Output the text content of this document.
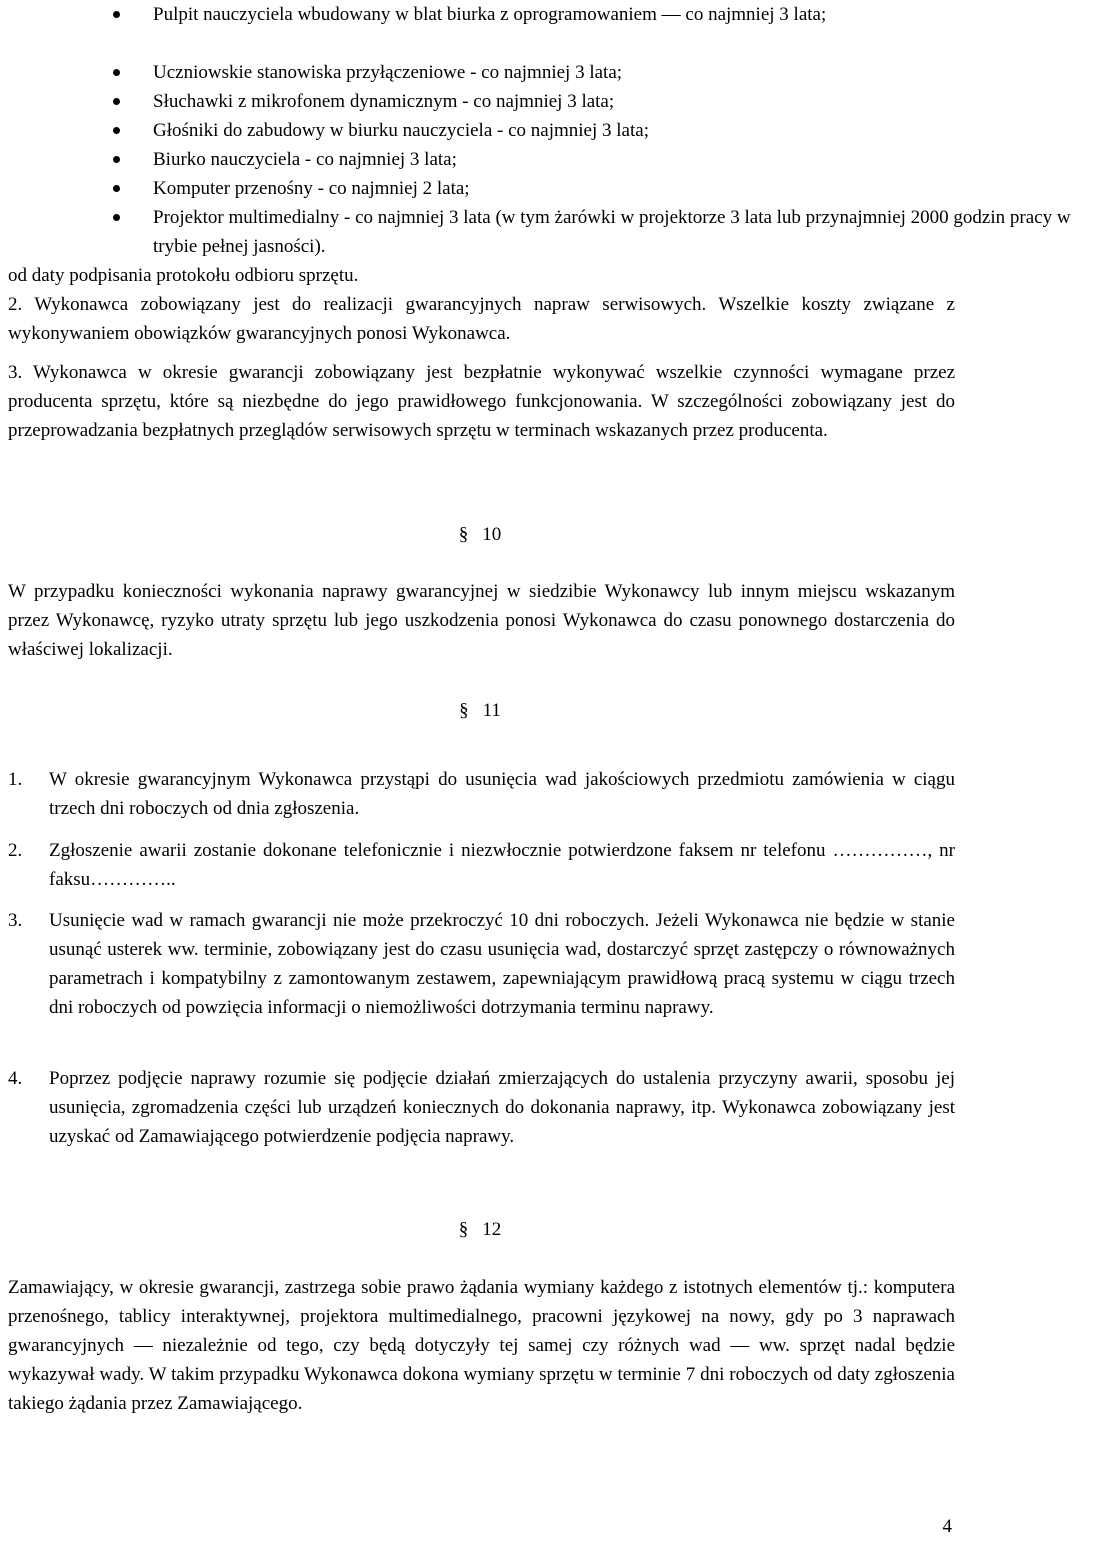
Pulpit nauczyciela wbudowany w blat biurka z oprogramowaniem — co najmniej 3 lata;
Uczniowskie stanowiska przyłączeniowe - co najmniej 3 lata;
Słuchawki z mikrofonem dynamicznym - co najmniej 3 lata;
Głośniki do zabudowy w biurku nauczyciela - co najmniej 3 lata;
Biurko nauczyciela - co najmniej 3 lata;
Komputer przenośny - co najmniej 2 lata;
Projektor multimedialny - co najmniej 3 lata (w tym żarówki w projektorze 3 lata lub przynajmniej 2000 godzin pracy w trybie pełnej jasności).

od daty podpisania protokołu odbioru sprzętu.

2. Wykonawca zobowiązany jest do realizacji gwarancyjnych napraw serwisowych. Wszelkie koszty związane z wykonywaniem obowiązków gwarancyjnych ponosi Wykonawca.

3. Wykonawca w okresie gwarancji zobowiązany jest bezpłatnie wykonywać wszelkie czynności wymagane przez producenta sprzętu, które są niezbędne do jego prawidłowego funkcjonowania. W szczególności zobowiązany jest do przeprowadzania bezpłatnych przeglądów serwisowych sprzętu w terminach wskazanych przez producenta.

§ 10

W przypadku konieczności wykonania naprawy gwarancyjnej w siedzibie Wykonawcy lub innym miejscu wskazanym przez Wykonawcę, ryzyko utraty sprzętu lub jego uszkodzenia ponosi Wykonawca do czasu ponownego dostarczenia do właściwej lokalizacji.

§ 11
1. W okresie gwarancyjnym Wykonawca przystąpi do usunięcia wad jakościowych przedmiotu zamówienia w ciągu trzech dni roboczych od dnia zgłoszenia.
2. Zgłoszenie awarii zostanie dokonane telefonicznie i niezwłocznie potwierdzone faksem nr telefonu ……………, nr faksu…………..
3. Usunięcie wad w ramach gwarancji nie może przekroczyć 10 dni roboczych. Jeżeli Wykonawca nie będzie w stanie usunąć usterek ww. terminie, zobowiązany jest do czasu usunięcia wad, dostarczyć sprzęt zastępczy o równoważnych parametrach i kompatybilny z zamontowanym zestawem, zapewniającym prawidłową pracą systemu w ciągu trzech dni roboczych od powzięcia informacji o niemożliwości dotrzymania terminu naprawy.
4. Poprzez podjęcie naprawy rozumie się podjęcie działań zmierzających do ustalenia przyczyny awarii, sposobu jej usunięcia, zgromadzenia części lub urządzeń koniecznych do dokonania naprawy, itp. Wykonawca zobowiązany jest uzyskać od Zamawiającego potwierdzenie podjęcia naprawy.
§ 12

Zamawiający, w okresie gwarancji, zastrzega sobie prawo żądania wymiany każdego z istotnych elementów tj.: komputera przenośnego, tablicy interaktywnej, projektora multimedialnego, pracowni językowej na nowy, gdy po 3 naprawach gwarancyjnych — niezależnie od tego, czy będą dotyczyły tej samej czy różnych wad — ww. sprzęt nadal będzie wykazywał wady. W takim przypadku Wykonawca dokona wymiany sprzętu w terminie 7 dni roboczych od daty zgłoszenia takiego żądania przez Zamawiającego.

4
